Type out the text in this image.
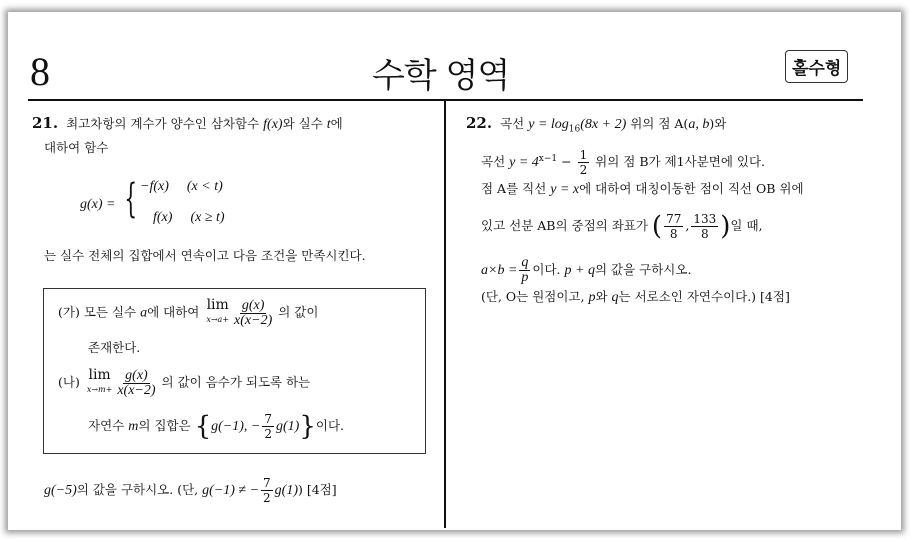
8	수학 영역	홀수형
21. 최고차항의 계수가 양수인 삼차함수 f(x)와 실수 t에
대하여 함수
g(x) = { −f(x) (x < t)
f(x) (x ≥ t)
는 실수 전체의 집합에서 연속이고 다음 조건을 만족시킨다.
(가) 모든 실수 a에 대하여 lim
$x\to a+ \frac{g(x)}{x(x-2)}$ 의 값이
존재한다.
(나) lim
$x\to m+ \frac{g(x)}{x(x-2)}$ 의 값이 음수가 되도록 하는
자연수 m의 집합은 {g(−1), − $\frac{7}{2} g(1)$}이다.
g(−5)의 값을 구하시오. (단, g(−1) ≠ − $\frac{7}{2} g(1)$) [4점]
22. 곡선 $y = \log_{16}(8x + 2)$ 위의 점 A(a, b)와
곡선 $y = 4^{x-1} - \frac{1}{2}$ 위의 점 B가 제1사분면에 있다.
점 A를 직선 y = x에 대하여 대칭이동한 점이 직선 OB 위에
있고 선분 AB의 중점의 좌표가 ( $\frac{77}{8}$ , $\frac{133}{8}$ )일 때,
$a\times b = \frac{q}{p}$ 이다. p + q의 값을 구하시오.
(단, O는 원점이고, p와 q는 서로소인 자연수이다.) [4점]
